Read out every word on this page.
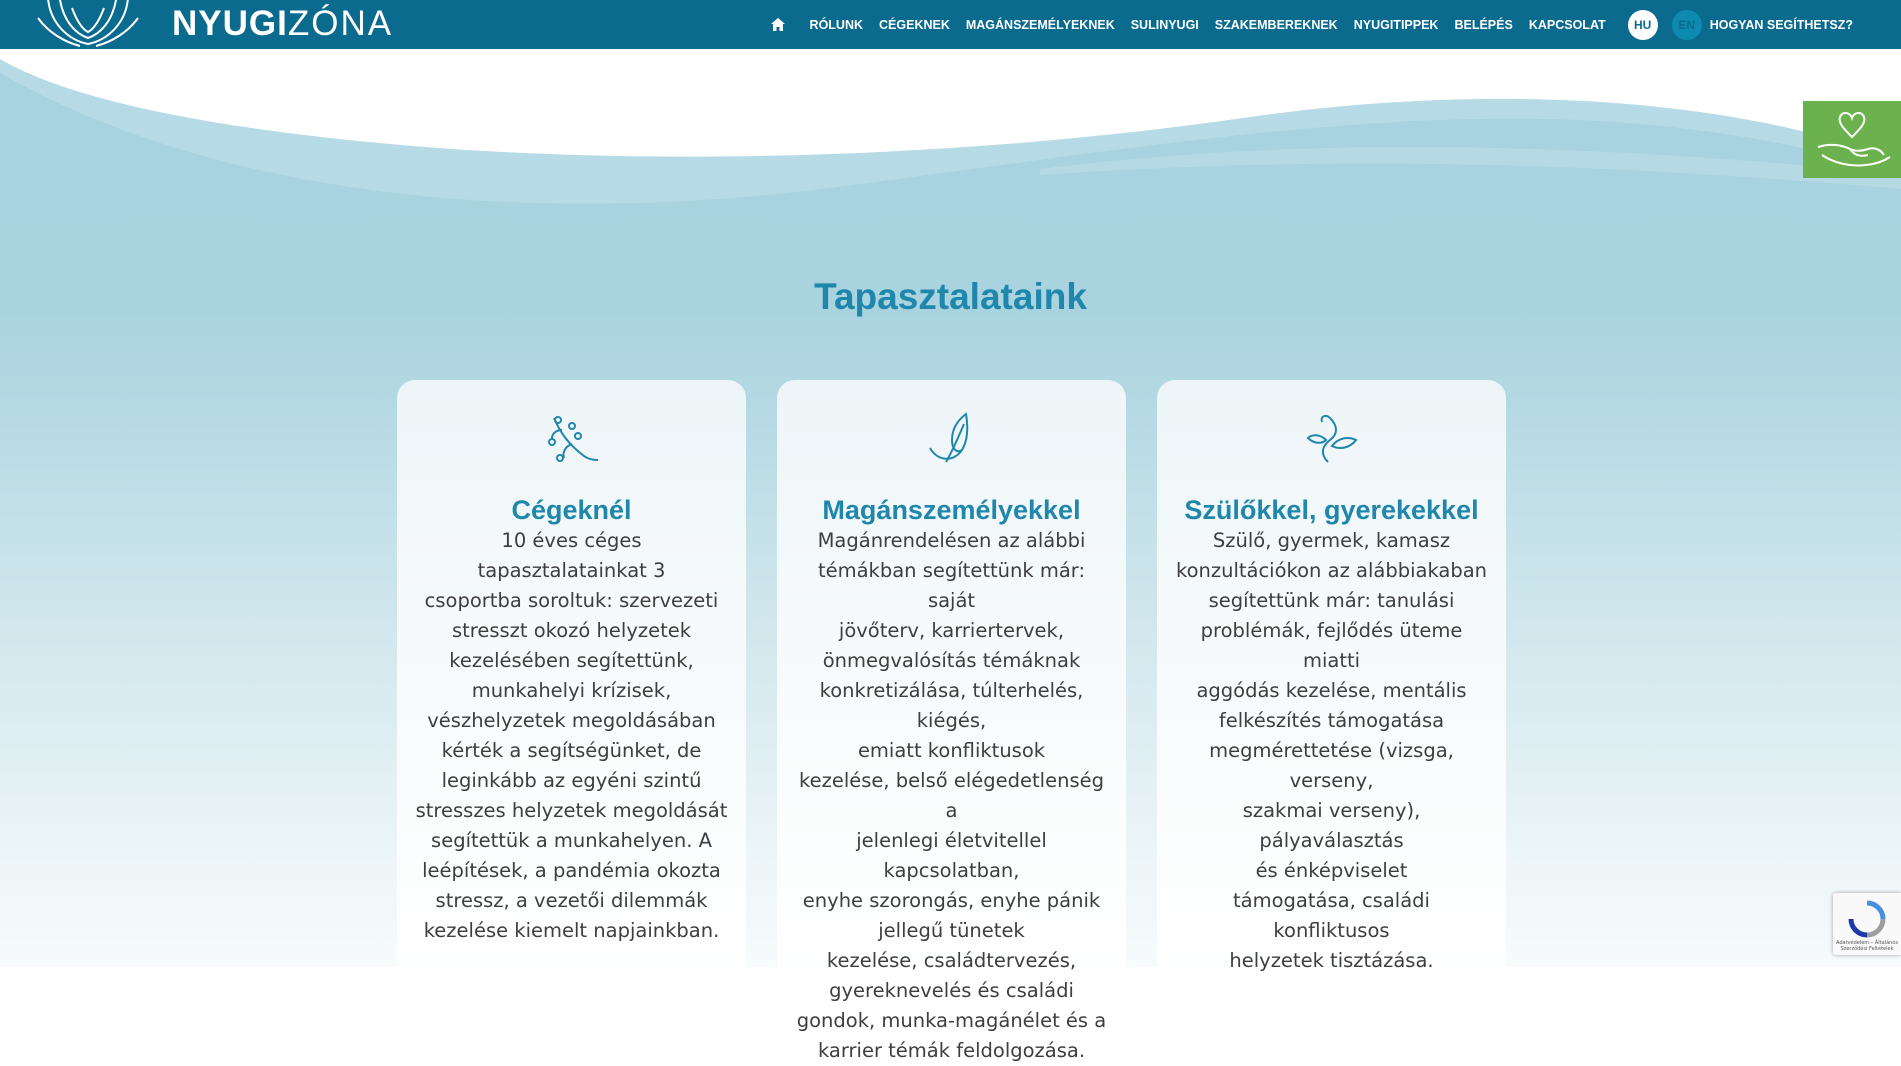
NYUGIZÓNA	RÓLUNK CÉGEKNEK MAGÁNSZEMÉLYEKNEK SULINYUGI SZAKEMBEREKNEK NYUGITIPPEK BELÉPÉS KAPCSOLAT	HU	EN	HOGYAN SEGÍTHETSZ?
Tapasztalataink
Cégeknél

10 éves céges tapasztalatainkat 3
csoportba soroltuk: szervezeti
stresszt okozó helyzetek
kezelésében segítettünk,
munkahelyi krízisek,
vészhelyzetek megoldásában
kérték a segítségünket, de
leginkább az egyéni szintű
stresszes helyzetek megoldását
segítettük a munkahelyen. A
leépítések, a pandémia okozta
stressz, a vezetői dilemmák
kezelése kiemelt napjainkban.

Magánszemélyekkel

Magánrendelésen az alábbi
témákban segítettünk már: saját
jövőterv, karriertervek,
önmegvalósítás témáknak
konkretizálása, túlterhelés, kiégés,
emiatt konfliktusok
kezelése, belső elégedetlenség a
jelenlegi életvitellel kapcsolatban,
enyhe szorongás, enyhe pánik
jellegű tünetek
kezelése, családtervezés,
gyereknevelés és családi
gondok, munka-magánélet és a
karrier témák feldolgozása.

Szülőkkel, gyerekekkel

Szülő, gyermek, kamasz
konzultációkon az alábbiakaban
segítettünk már: tanulási
problémák, fejlődés üteme miatti
aggódás kezelése, mentális
felkészítés támogatása
megmérettetése (vizsga, verseny,
szakmai verseny), pályaválasztás
és énképviselet
támogatása, családi konfliktusos
helyzetek tisztázása.

Adatvédelem – Általános Szerződési Feltételek
